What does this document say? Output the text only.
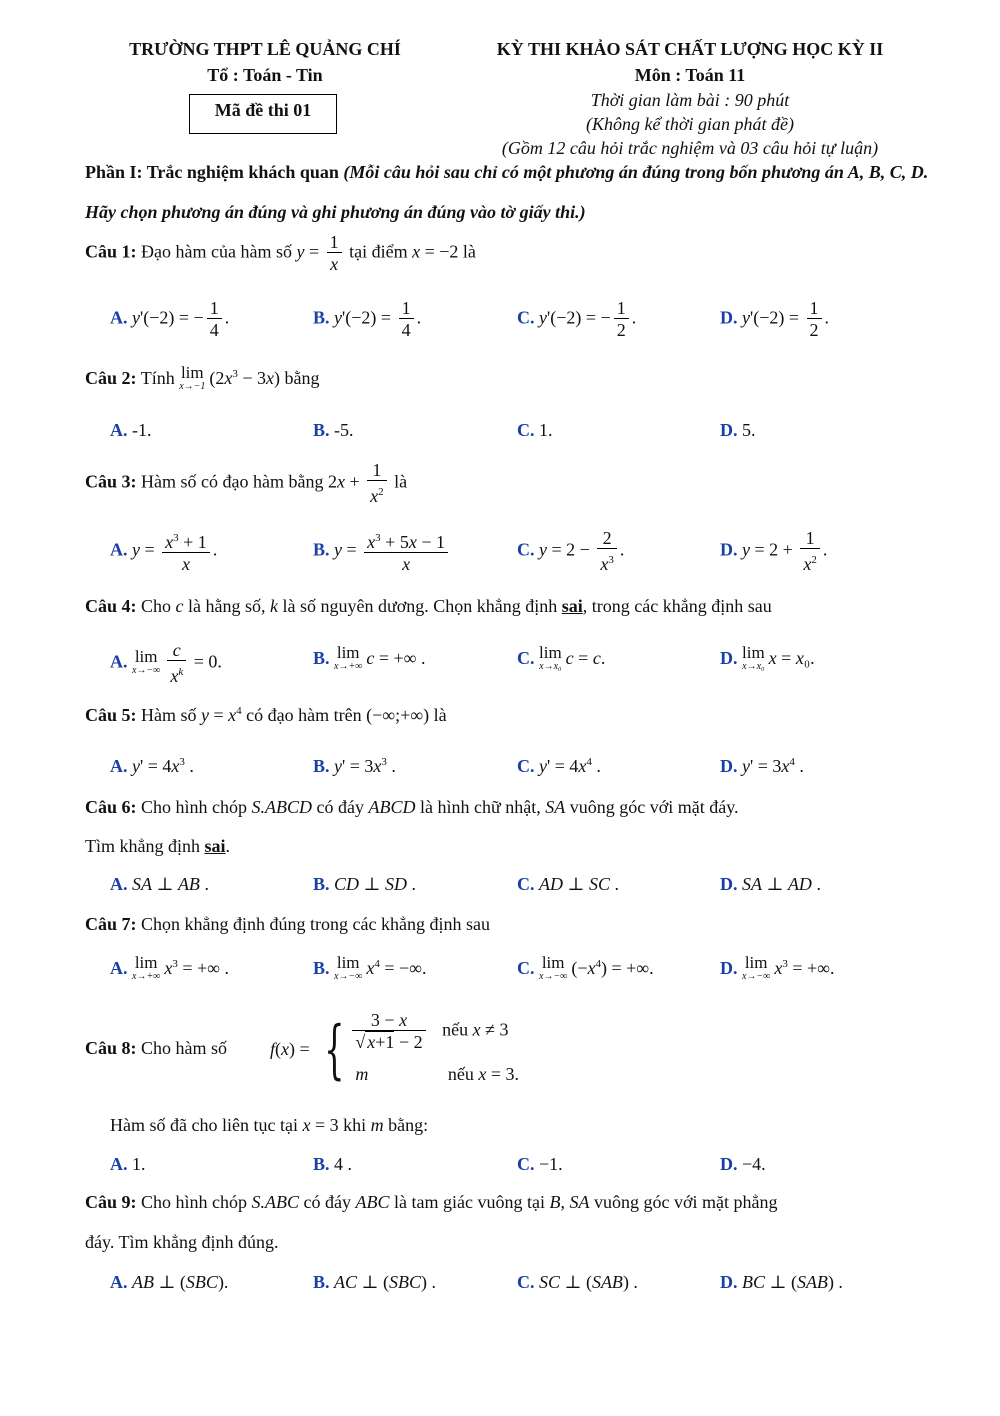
TRƯỜNG THPT LÊ QUẢNG CHÍ
Tổ : Toán - Tin
Mã đề thi 01
KỲ THI KHẢO SÁT CHẤT LƯỢNG HỌC KỲ II
Môn : Toán 11
Thời gian làm bài : 90 phút
(Không kể thời gian phát đề)
(Gồm 12 câu hỏi trắc nghiệm và 03 câu hỏi tự luận)
Phần I: Trắc nghiệm khách quan (Mỗi câu hỏi sau chỉ có một phương án đúng trong bốn phương án A, B, C, D. Hãy chọn phương án đúng và ghi phương án đúng vào tờ giấy thi.)
Câu 1: Đạo hàm của hàm số $y = \frac{1}{x}$ tại điểm x = −2 là
A. y'(−2) = − $\frac{1}{4}$ .	B. $y'(-2) = \frac{1}{4}$ .	C. y'(−2) = − $\frac{1}{2}$ .	D. $y'(-2) = \frac{1}{2}$ .
Câu 2: Tính lim
x→−1 $(2x^3 - 3x)$ bằng
A. -1.	B. -5.	C. 1.	D. 5.
Câu 3: Hàm số có đạo hàm bằng $2x + \frac{1}{x^2}$ là
A. $y = \frac{x^3 + 1}{x}$ .	B. $y = \frac{x^3 + 5x - 1}{x}$	C. $y = 2 - \frac{2}{x^3}$ .	D. $y = 2 + \frac{1}{x^2}$ .
Câu 4: Cho c là hằng số, k là số nguyên dương. Chọn khẳng định sai, trong các khẳng định sau
A. lim
$x\to-\infty \frac{c}{x^k} = 0$.	B. lim
x→+∞ c = +∞ .	C. lim
x→x₀ c = c.	D. lim
x→x₀ x = x₀.
Câu 5: Hàm số $y = x^4$ có đạo hàm trên (−∞;+∞) là
A. $y' = 4x^3$ .	B. $y' = 3x^3$ .	C. $y' = 4x^4$ .	D. $y' = 3x^4$ .
Câu 6: Cho hình chóp S.ABCD có đáy ABCD là hình chữ nhật, SA vuông góc với mặt đáy.
Tìm khẳng định sai.
A. SA ⊥ AB .	B. CD ⊥ SD .	C. AD ⊥ SC .	D. SA ⊥ AD .
Câu 7: Chọn khẳng định đúng trong các khẳng định sau
A. lim
x→+∞ $x^3$ = +∞ .	B. lim
x→−∞ $x^4$ = −∞.	C. lim
x→−∞ $(-x^4)$ = +∞.	D. lim
x→−∞ $x^3$ = +∞.
Câu 8: Cho hàm số f(x) = { $\frac{3 - x}{√ x+1 - 2}$ nếu x ≠ 3
m	nếu x = 3.
Hàm số đã cho liên tục tại x = 3 khi m bằng:
A. 1.	B. 4 .	C. −1.	D. −4.
Câu 9: Cho hình chóp S.ABC có đáy ABC là tam giác vuông tại B, SA vuông góc với mặt phẳng
đáy. Tìm khẳng định đúng.
A. AB ⊥ (SBC).	B. AC ⊥ (SBC) .	C. SC ⊥ (SAB) .	D. BC ⊥ (SAB) .
